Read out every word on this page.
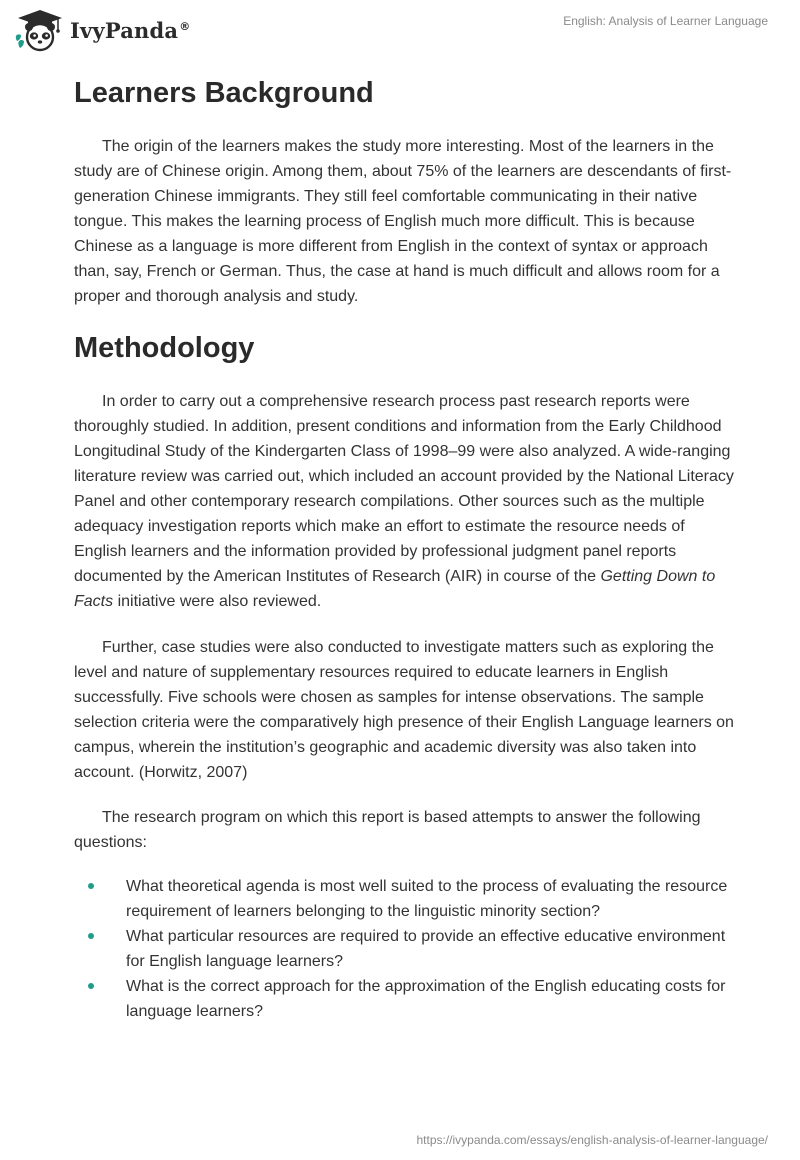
IvyPanda®	English: Analysis of Learner Language
Learners Background

The origin of the learners makes the study more interesting. Most of the learners in the study are of Chinese origin. Among them, about 75% of the learners are descendants of first-generation Chinese immigrants. They still feel comfortable communicating in their native tongue. This makes the learning process of English much more difficult. This is because Chinese as a language is more different from English in the context of syntax or approach than, say, French or German. Thus, the case at hand is much difficult and allows room for a proper and thorough analysis and study.

Methodology

In order to carry out a comprehensive research process past research reports were thoroughly studied. In addition, present conditions and information from the Early Childhood Longitudinal Study of the Kindergarten Class of 1998–99 were also analyzed. A wide-ranging literature review was carried out, which included an account provided by the National Literacy Panel and other contemporary research compilations. Other sources such as the multiple adequacy investigation reports which make an effort to estimate the resource needs of English learners and the information provided by professional judgment panel reports documented by the American Institutes of Research (AIR) in course of the Getting Down to Facts initiative were also reviewed.

Further, case studies were also conducted to investigate matters such as exploring the level and nature of supplementary resources required to educate learners in English successfully. Five schools were chosen as samples for intense observations. The sample selection criteria were the comparatively high presence of their English Language learners on campus, wherein the institution’s geographic and academic diversity was also taken into account. (Horwitz, 2007)

The research program on which this report is based attempts to answer the following questions:

What theoretical agenda is most well suited to the process of evaluating the resource requirement of learners belonging to the linguistic minority section?
What particular resources are required to provide an effective educative environment for English language learners?
What is the correct approach for the approximation of the English educating costs for language learners?
https://ivypanda.com/essays/english-analysis-of-learner-language/
